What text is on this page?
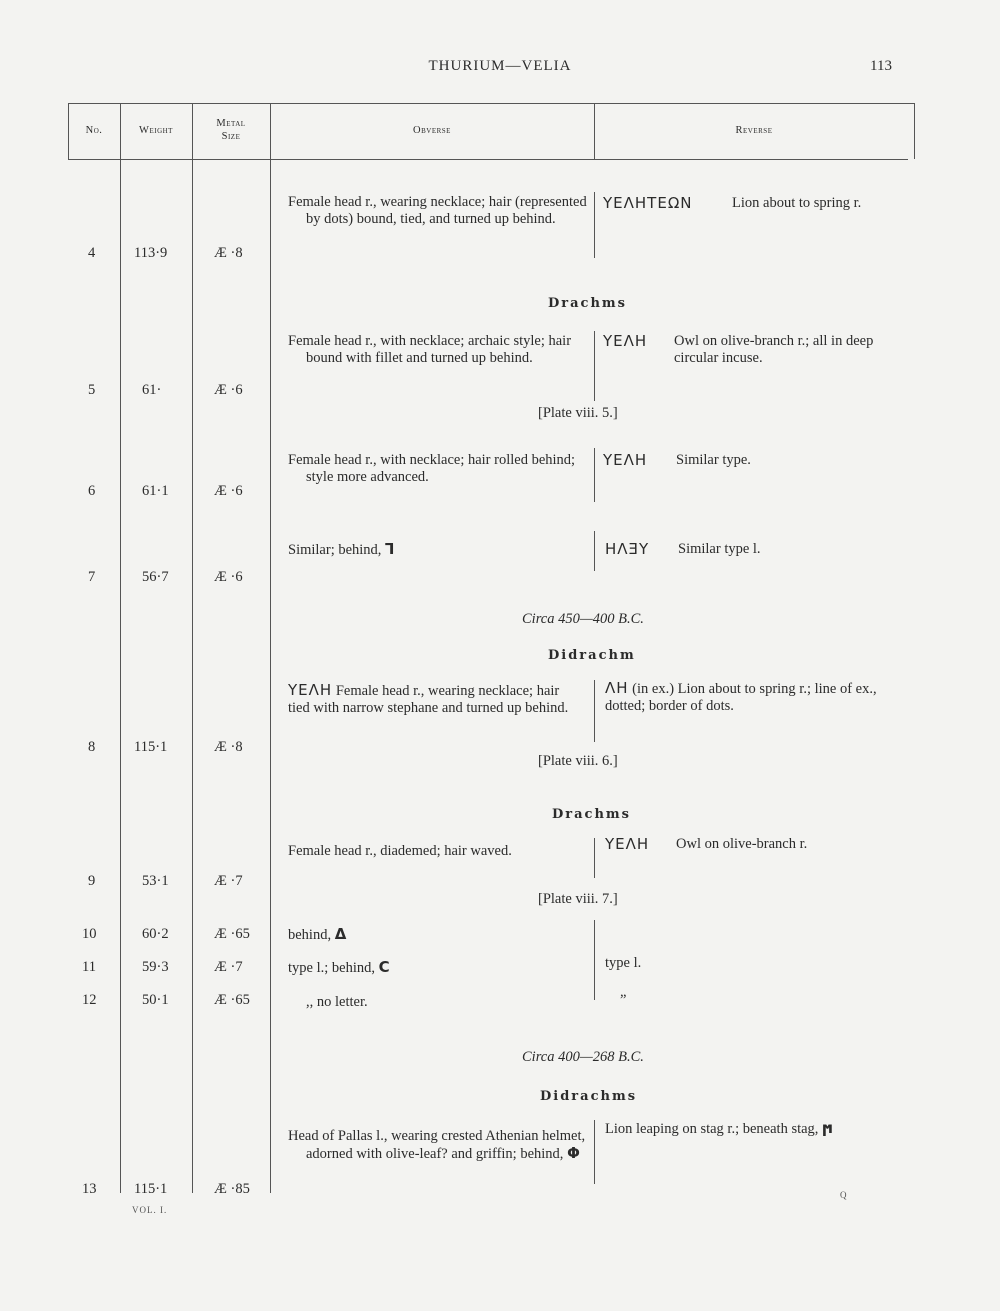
THURIUM—VELIA	113
No.	Weight
Metal
Size
Obverse	Reverse
4	113·9	Æ ·8
Female head r., wearing necklace; hair (represented by dots) bound, tied, and turned up behind.
ΥΕΛΗΤΕΩΝ	Lion about to spring r.
Drachms
5	61·	Æ ·6
Female head r., with necklace; archaic style; hair bound with fillet and turned up behind.
ΥΕΛΗ Owl on olive-branch r.; all in deep circular incuse.
[Plate viii. 5.]
6	61·1	Æ ·6
Female head r., with necklace; hair rolled behind; style more advanced.
ΥΕΛΗ Similar type.
7	56·7	Æ ·6
Similar; behind, ꓶ	ΗΛƎΥ Similar type l.
Circa 450—400 B.C.
Didrachm
8	115·1	Æ ·8
ΥΕΛΗ Female head r., wearing necklace; hair tied with narrow stephane and turned up behind.
ΛΗ (in ex.) Lion about to spring r.; line of ex., dotted; border of dots.
[Plate viii. 6.]
Drachms
9	53·1	Æ ·7
Female head r., diademed; hair waved.	ΥΕΛΗ Owl on olive-branch r.
[Plate viii. 7.]
10	60·2	Æ ·65	behind, Δ
11	59·3	Æ ·7	type l.; behind, Ϲ	type l.
12	50·1	Æ ·65	,, no letter.	”
Circa 400—268 B.C.
Didrachms
13	115·1	Æ ·85
Head of Pallas l., wearing crested Athenian helmet, adorned with olive-leaf? and griffin; behind, Φ
Lion leaping on stag r.; beneath stag, ϻ
VOL. I.
Q
